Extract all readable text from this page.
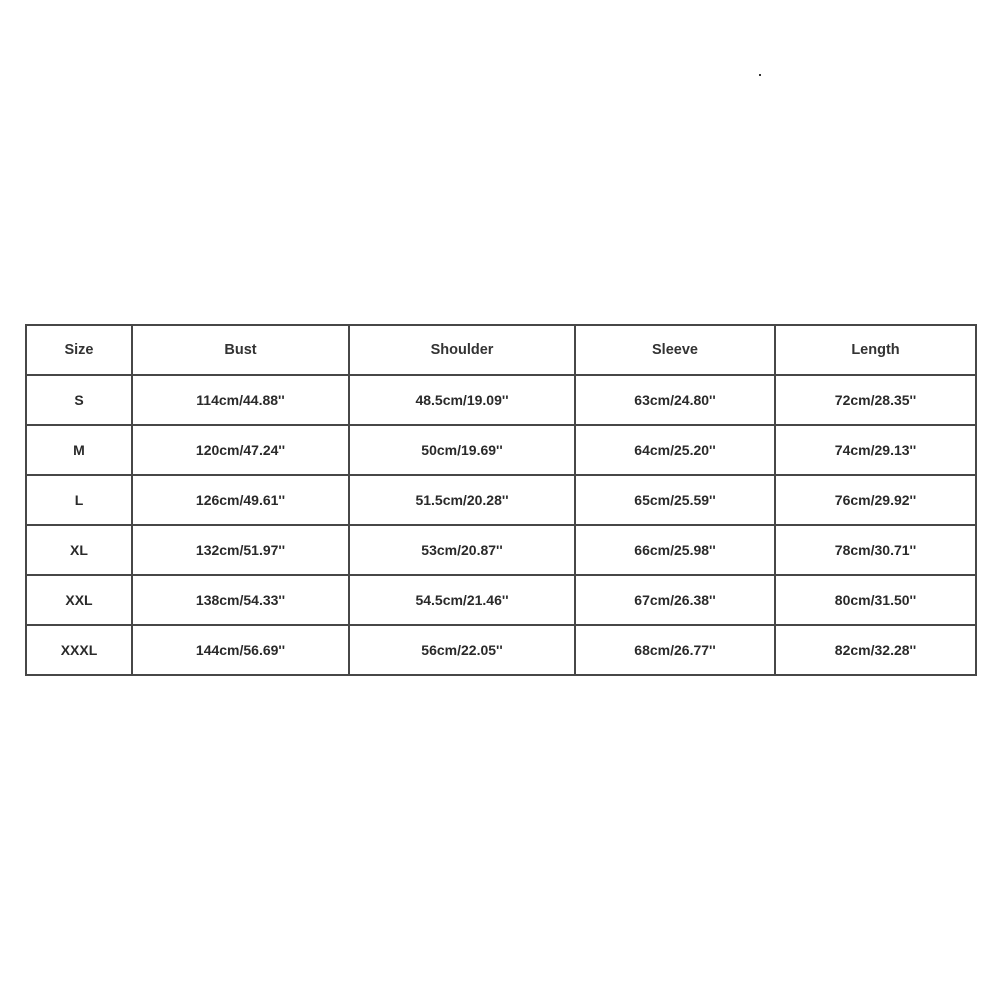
Size	Bust	Shoulder	Sleeve	Length
S	114cm/44.88''	48.5cm/19.09''	63cm/24.80''	72cm/28.35''
M	120cm/47.24''	50cm/19.69''	64cm/25.20''	74cm/29.13''
L	126cm/49.61''	51.5cm/20.28''	65cm/25.59''	76cm/29.92''
XL	132cm/51.97''	53cm/20.87''	66cm/25.98''	78cm/30.71''
XXL	138cm/54.33''	54.5cm/21.46''	67cm/26.38''	80cm/31.50''
XXXL	144cm/56.69''	56cm/22.05''	68cm/26.77''	82cm/32.28''
